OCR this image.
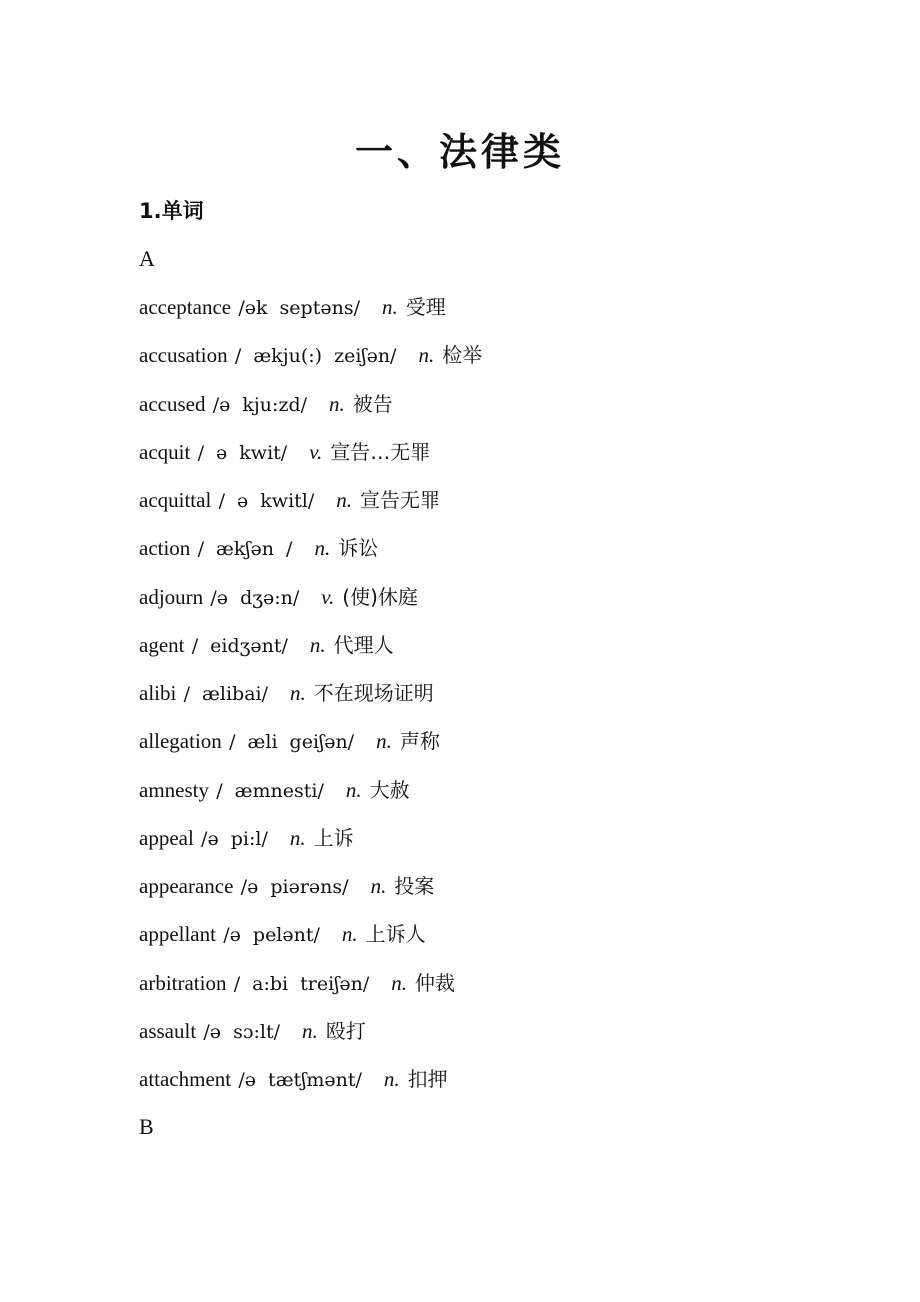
一、法律类
1.单词
A
acceptance /ək septəns/ n. 受理
accusation / ækju(:) zeiʃən/ n. 检举
accused /ə kju:zd/ n. 被告
acquit / ə kwit/ v. 宣告…无罪
acquittal / ə kwitl/ n. 宣告无罪
action / ækʃən / n. 诉讼
adjourn /ə dʒə:n/ v. (使)休庭
agent / eidʒənt/ n. 代理人
alibi / ælibai/ n. 不在现场证明
allegation / æli geiʃən/ n. 声称
amnesty / æmnesti/ n. 大赦
appeal /ə pi:l/ n. 上诉
appearance /ə piərəns/ n. 投案
appellant /ə pelənt/ n. 上诉人
arbitration / a:bi treiʃən/ n. 仲裁
assault /ə sɔ:lt/ n. 殴打
attachment /ə tætʃmənt/ n. 扣押
B
